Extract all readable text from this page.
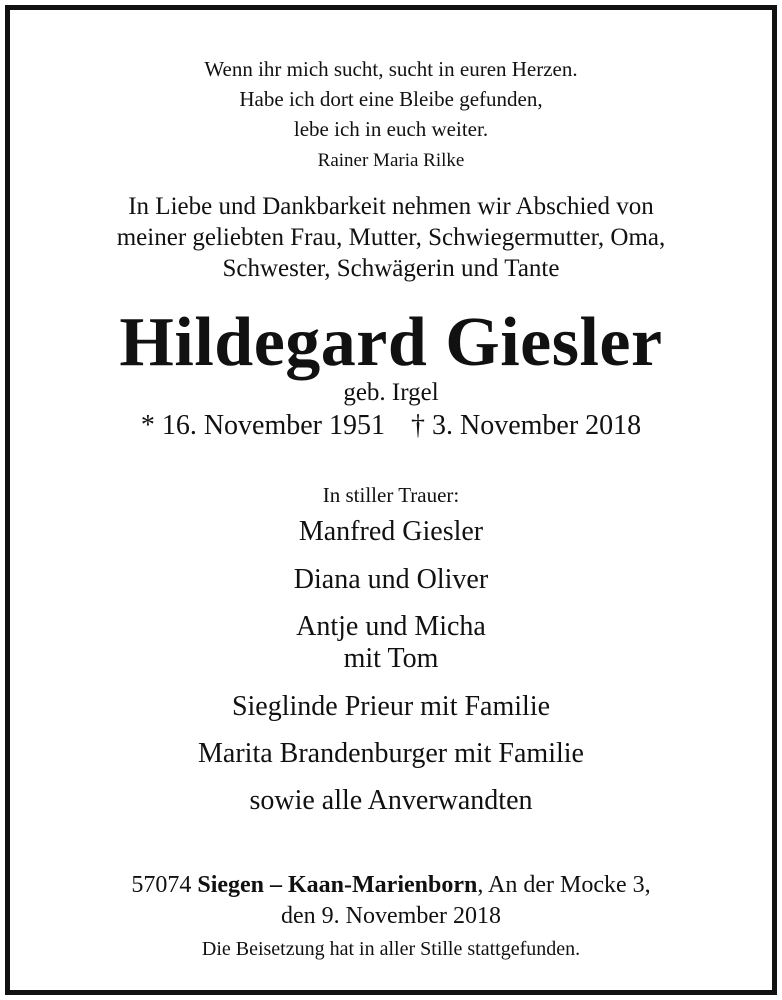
Wenn ihr mich sucht, sucht in euren Herzen.
Habe ich dort eine Bleibe gefunden,
lebe ich in euch weiter.
Rainer Maria Rilke
In Liebe und Dankbarkeit nehmen wir Abschied von
meiner geliebten Frau, Mutter, Schwiegermutter, Oma,
Schwester, Schwägerin und Tante
Hildegard Giesler
geb. Irgel
* 16. November 1951 † 3. November 2018
In stiller Trauer:
Manfred Giesler
Diana und Oliver
Antje und Micha
mit Tom
Sieglinde Prieur mit Familie
Marita Brandenburger mit Familie
sowie alle Anverwandten
57074 Siegen – Kaan-Marienborn, An der Mocke 3,
den 9. November 2018
Die Beisetzung hat in aller Stille stattgefunden.
